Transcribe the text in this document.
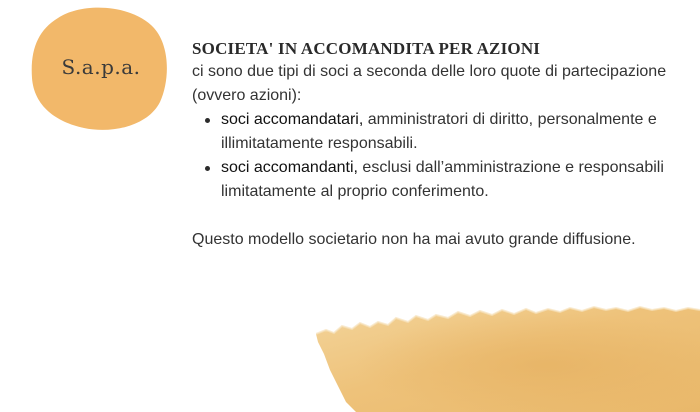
S.a.p.a.
SOCIETA' IN ACCOMANDITA PER AZIONI

ci sono due tipi di soci a seconda delle loro quote di partecipazione (ovvero azioni):

soci accomandatari, amministratori di diritto, personalmente e illimitatamente responsabili.
soci accomandanti, esclusi dall’amministrazione e responsabili limitatamente al proprio conferimento.

Questo modello societario non ha mai avuto grande diffusione.
